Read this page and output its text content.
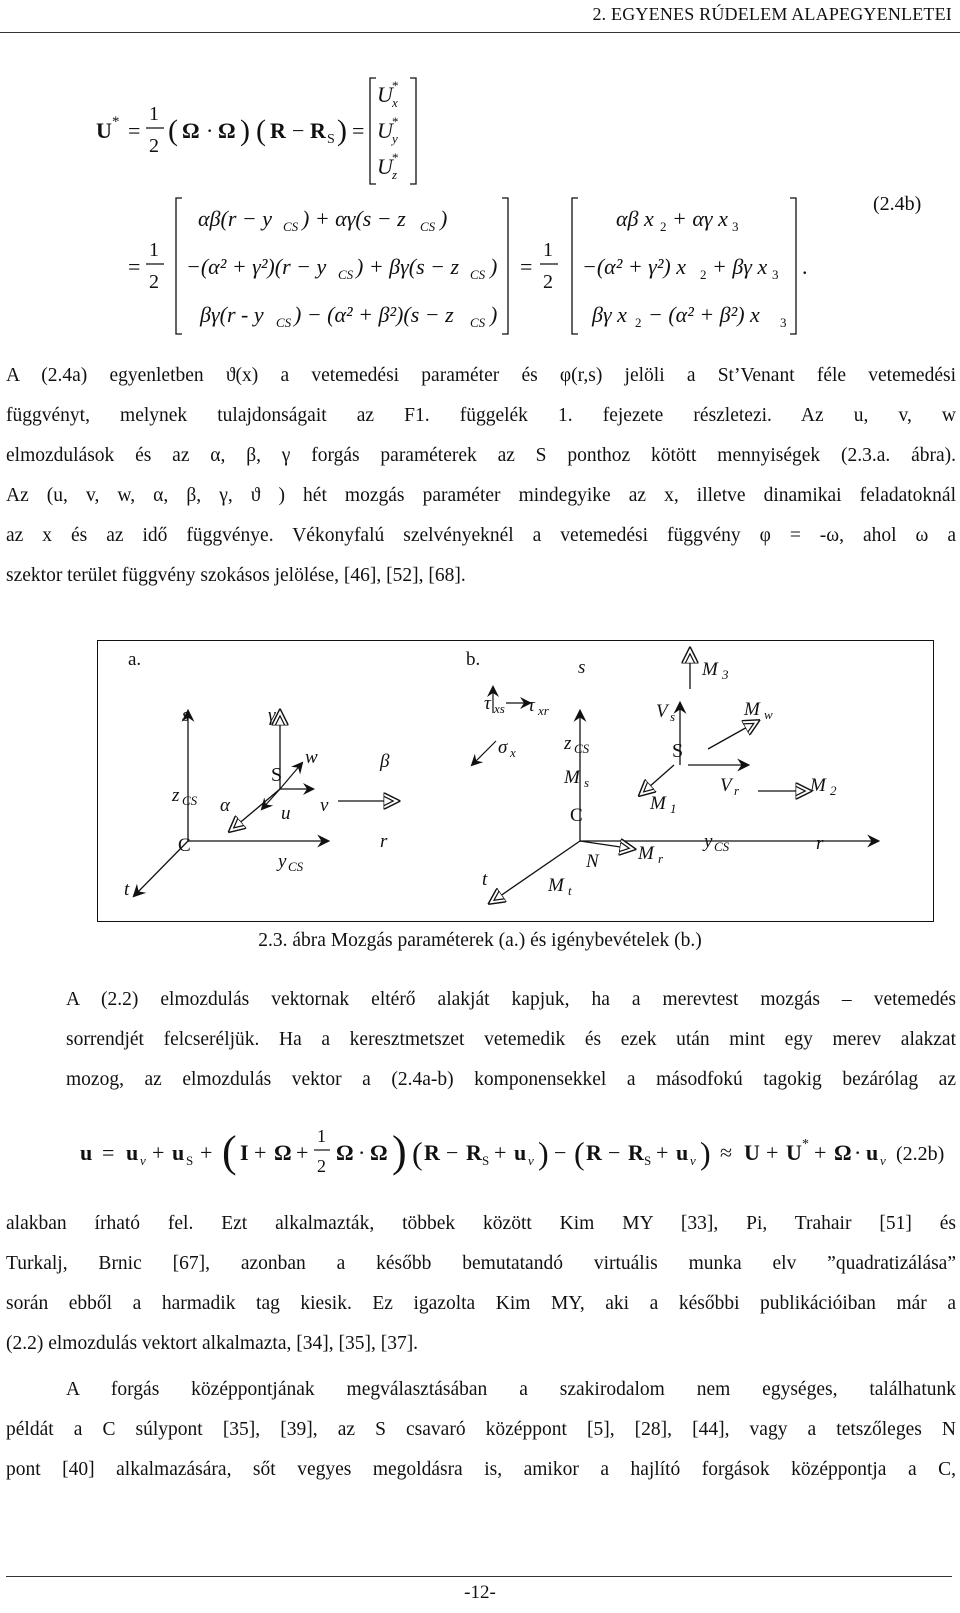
2. EGYENES RÚDELEM ALAPEGYENLETEI
U * =
1
2 ( Ω · Ω ) ( R − R S ) =
U *
x
U *
y
U *
z
=
1
2
αβ(r − y CS ) + αγ(s − z CS )
−(α² + γ²)(r − y CS ) + βγ(s − z CS )
βγ(r - y CS ) − (α² + β²)(s − z CS )
=
1
2
αβ x 2 + αγ x 3
−(α² + γ²) x 2 + βγ x 3
βγ x 2 − (α² + β²) x 3
.
(2.4b)
A (2.4a) egyenletben ϑ(x) a vetemedési paraméter és φ(r,s) jelöli a St’Venant féle vetemedési
függvényt, melynek tulajdonságait az F1. függelék 1. fejezete részletezi. Az u, v, w
elmozdulások és az α, β, γ forgás paraméterek az S ponthoz kötött mennyiségek (2.3.a. ábra).
Az (u, v, w, α, β, γ, ϑ ) hét mozgás paraméter mindegyike az x, illetve dinamikai feladatoknál
az x és az idő függvénye. Vékonyfalú szelvényeknél a vetemedési függvény φ = -ω, ahol ω a
szektor terület függvény szokásos jelölése, [46], [52], [68].
a.	b.
s
z CS
C
t
y CS
S
γ
w
α	u v
β
r
s	M 3
τ xs τ xr
σ x
V s	M w
z CS	S
M s	V r	M 2
M 1
C
y CS	r
M r
N
t	M t
2.3. ábra Mozgás paraméterek (a.) és igénybevételek (b.)
A (2.2) elmozdulás vektornak eltérő alakját kapjuk, ha a merevtest mozgás – vetemedés
sorrendjét felcseréljük. Ha a keresztmetszet vetemedik és ezek után mint egy merev alakzat
mozog, az elmozdulás vektor a (2.4a-b) komponensekkel a másodfokú tagokig bezárólag az
u = u v + u S + ( I + Ω +
1
2
Ω · Ω ) ( R − R S + u v ) − ( R − R S + u v ) ≈ U + U * + Ω · u v (2.2b)
alakban írható fel. Ezt alkalmazták, többek között Kim MY [33], Pi, Trahair [51] és
Turkalj, Brnic [67], azonban a később bemutatandó virtuális munka elv ”quadratizálása”
során ebből a harmadik tag kiesik. Ez igazolta Kim MY, aki a későbbi publikációiban már a
(2.2) elmozdulás vektort alkalmazta, [34], [35], [37].
A forgás középpontjának megválasztásában a szakirodalom nem egységes, találhatunk
példát a C súlypont [35], [39], az S csavaró középpont [5], [28], [44], vagy a tetszőleges N
pont [40] alkalmazására, sőt vegyes megoldásra is, amikor a hajlító forgások középpontja a C,
-12-
